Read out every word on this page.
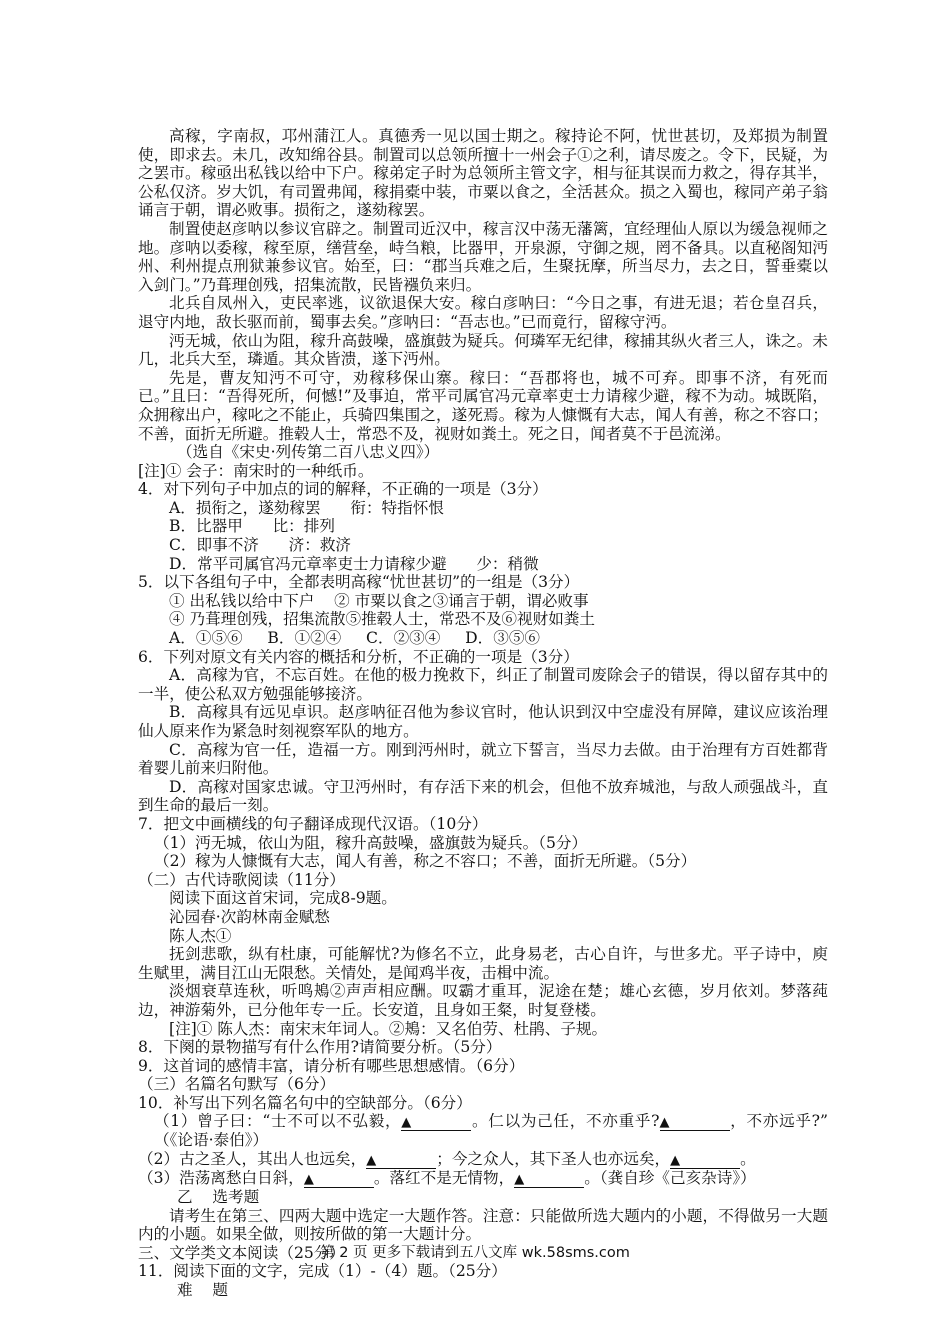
高稼，字南叔，邛州蒲江人。真德秀一见以国士期之。稼持论不阿，忧世甚切，及郑损为制置使，即求去。未几，改知绵谷县。制置司以总领所擅十一州会子①之利，请尽废之。令下，民疑，为之罢市。稼亟出私钱以给中下户。稼弟定子时为总领所主管文字，相与征其误而力救之，得存其半，公私仅济。岁大饥，有司置弗闻，稼捐橐中装，市粟以食之，全活甚众。损之入蜀也，稼同产弟子翁诵言于朝，谓必败事。损衔之，遂劾稼罢。

制置使赵彦呐以参议官辟之。制置司近汉中，稼言汉中荡无藩篱，宜经理仙人原以为缓急视师之地。彦呐以委稼，稼至原，缮营垒，峙刍粮，比器甲，开泉源，守御之规，罔不备具。以直秘阁知沔州、利州提点刑狱兼参议官。始至，曰：“郡当兵难之后，生聚抚摩，所当尽力，去之日，誓垂橐以入剑门。”乃葺理创残，招集流散，民皆襁负来归。

北兵自凤州入，吏民率逃，议欲退保大安。稼白彦呐曰：“今日之事，有进无退；若仓皇召兵，退守内地，敌长驱而前，蜀事去矣。”彦呐曰：“吾志也。”已而竟行，留稼守沔。

沔无城，依山为阻，稼升高鼓噪，盛旗鼓为疑兵。何璘军无纪律，稼捕其纵火者三人，诛之。未几，北兵大至，璘遁。其众皆溃，遂下沔州。

先是，曹友知沔不可守，劝稼移保山寨。稼曰：“吾郡将也，城不可弃。即事不济，有死而已。”且曰：“吾得死所，何憾!”及事迫，常平司属官冯元章率吏士力请稼少避，稼不为动。城既陷，众拥稼出户，稼叱之不能止，兵骑四集围之，遂死焉。稼为人慷慨有大志，闻人有善，称之不容口；不善，面折无所避。推毂人士，常恐不及，视财如粪土。死之日，闻者莫不于邑流涕。

（选自《宋史·列传第二百八忠义四》）

[注]① 会子：南宋时的一种纸币。

4．对下列句子中加点的词的解释，不正确的一项是（3分）

A．损衔之，遂劾稼罢      衔：特指怀恨

B．比器甲      比：排列

C．即事不济      济：救济

D．常平司属官冯元章率吏士力请稼少避      少：稍微

5．以下各组句子中，全都表明高稼“忧世甚切”的一组是（3分）

① 出私钱以给中下户    ② 市粟以食之③诵言于朝，谓必败事

④ 乃葺理创残，招集流散⑤推毂人士，常恐不及⑥视财如粪土

A．①⑤⑥     B．①②④     C．②③④     D．③⑤⑥

6．下列对原文有关内容的概括和分析，不正确的一项是（3分）

A．高稼为官，不忘百姓。在他的极力挽救下，纠正了制置司废除会子的错误，得以留存其中的一半，使公私双方勉强能够接济。

B．高稼具有远见卓识。赵彦呐征召他为参议官时，他认识到汉中空虚没有屏障，建议应该治理仙人原来作为紧急时刻视察军队的地方。

C．高稼为官一任，造福一方。刚到沔州时，就立下誓言，当尽力去做。由于治理有方百姓都背着婴儿前来归附他。

D．高稼对国家忠诚。守卫沔州时，有存活下来的机会，但他不放弃城池，与敌人顽强战斗，直到生命的最后一刻。

7．把文中画横线的句子翻译成现代汉语。（10分）

（1）沔无城，依山为阻，稼升高鼓噪，盛旗鼓为疑兵。（5分）

（2）稼为人慷慨有大志，闻人有善，称之不容口；不善，面折无所避。（5分）

（二）古代诗歌阅读（11分）

阅读下面这首宋词，完成8-9题。

沁园春·次韵林南金赋愁

陈人杰①

抚剑悲歌，纵有杜康，可能解忧?为修名不立，此身易老，古心自许，与世多尤。平子诗中，庾生赋里，满目江山无限愁。关情处，是闻鸡半夜，击楫中流。

淡烟衰草连秋，听鸣鴂②声声相应酬。叹霸才重耳，泥途在楚；雄心玄德，岁月依刘。梦落莼边，神游菊外，已分他年专一丘。长安道，且身如王粲，时复登楼。

[注]① 陈人杰：南宋末年词人。②鴂：又名伯劳、杜鹃、子规。

8．下阕的景物描写有什么作用?请简要分析。（5分）

9．这首词的感情丰富，请分析有哪些思想感情。（6分）

（三）名篇名句默写（6分）

10．补写出下列名篇名句中的空缺部分。（6分）

（1）曾子曰：“士不可以不弘毅，▲	。仁以为己任，不亦重乎?▲	，不亦远乎?”   （《论语·泰伯》）

（2）古之圣人，其出人也远矣，▲	；今之众人，其下圣人也亦远矣，▲	。

（3）浩荡离愁白日斜，▲	。落红不是无情物，▲	。（龚自珍《己亥杂诗》）

乙    选考题

请考生在第三、四两大题中选定一大题作答。注意：只能做所选大题内的小题，不得做另一大题内的小题。如果全做，则按所做的第一大题计分。

三、文学类文本阅读（25分）

11．阅读下面的文字，完成（1）-（4）题。（25分）

难    题

第 2 页 更多下载请到五八文库 wk.58sms.com
